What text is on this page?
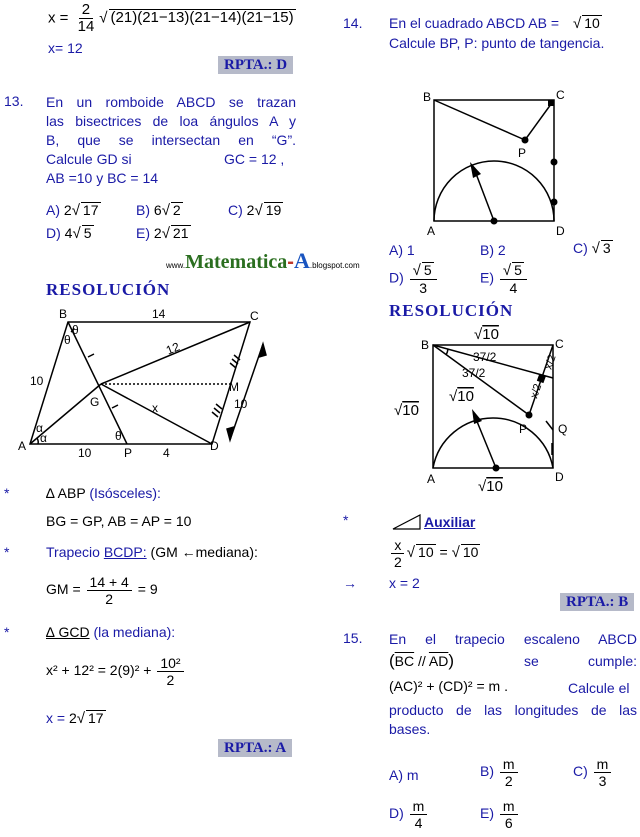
$x = \frac{2}{14}$ √ (21)(21−13)(21−14)(21−15)
x= 12
RPTA.: D
13. En un romboide ABCD se trazan
las bisectrices de loa ángulos A y
B, que se intersectan en “G”.
Calcule GD si	GC = 12 ,
AB =10 y BC = 14
A) 2√ 17	B) 6√ 2	C) 2√ 19
D) 4√ 5	E) 2√ 21
www.Matematica-A.blogspot.com
RESOLUCIÓN
B	C
A	D
G
M
P
14
10
10	4
10
12
x
θ
θ
θ
α
α
*	∆ ABP (Isósceles):
BG = GP, AB = AP = 10
*	Trapecio BCDP: (GM ←mediana):
GM = $\frac{14 + 4}{2} = 9$
*	∆ GCD (la mediana):
$x^2 + 12^2 = 2(9)^2 + \frac{\text{10²}}{2}$
x = 2√ 17
RPTA.: A
14. En el cuadrado ABCD AB = √ 10
Calcule BP, P: punto de tangencia.
B	C
A	D
P
A) 1	B) 2	C) √ 3
$D) \frac{√ 5}{3}$	$E) \frac{√ 5}{4}$
RESOLUCIÓN
B	C
A	D
P	Q
√10
√10
√10
√10
37/2
37/2
x/2
x/2
*	Auxiliar
$\frac{x}{2}$ √ 10 = √ 10
→ x = 2
RPTA.: B
15. En el trapecio escaleno ABCD
$(\overline{BC} // \overline{AD})$	se	cumple:
(AC)² + (CD)² = m .	Calcule el
producto de las longitudes de las
bases.
A) m	$B) \frac{m}{2}$	$C) \frac{m}{3}$
$D) \frac{m}{4}$	$E) \frac{m}{6}$
